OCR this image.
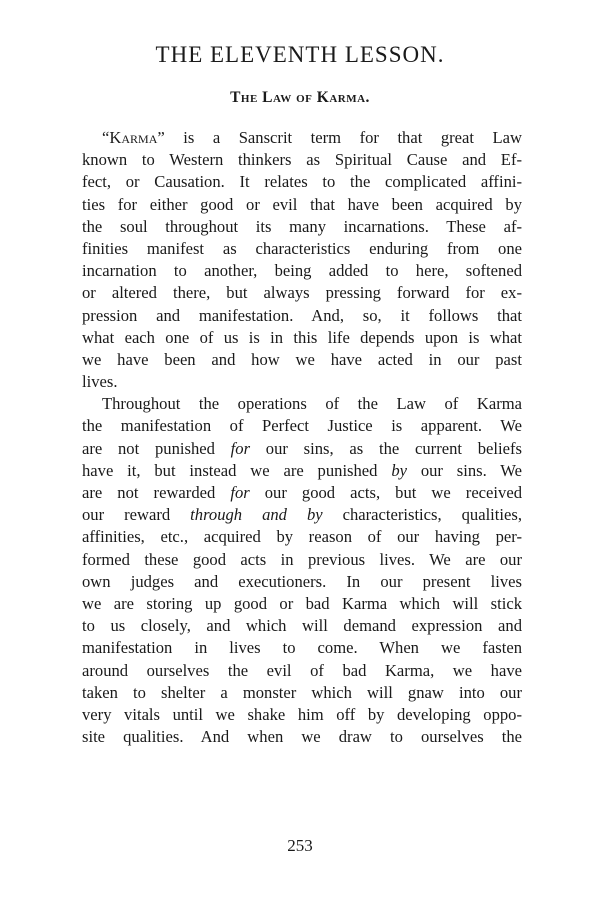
THE ELEVENTH LESSON.
The Law of Karma.
“Karma” is a Sanscrit term for that great Law
known to Western thinkers as Spiritual Cause and Ef-
fect, or Causation. It relates to the complicated affini-
ties for either good or evil that have been acquired by
the soul throughout its many incarnations. These af-
finities manifest as characteristics enduring from one
incarnation to another, being added to here, softened
or altered there, but always pressing forward for ex-
pression and manifestation. And, so, it follows that
what each one of us is in this life depends upon is what
we have been and how we have acted in our past
lives.
Throughout the operations of the Law of Karma
the manifestation of Perfect Justice is apparent. We
are not punished for our sins, as the current beliefs
have it, but instead we are punished by our sins. We
are not rewarded for our good acts, but we received
our reward through and by characteristics, qualities,
affinities, etc., acquired by reason of our having per-
formed these good acts in previous lives. We are our
own judges and executioners. In our present lives
we are storing up good or bad Karma which will stick
to us closely, and which will demand expression and
manifestation in lives to come. When we fasten
around ourselves the evil of bad Karma, we have
taken to shelter a monster which will gnaw into our
very vitals until we shake him off by developing oppo-
site qualities. And when we draw to ourselves the
253
